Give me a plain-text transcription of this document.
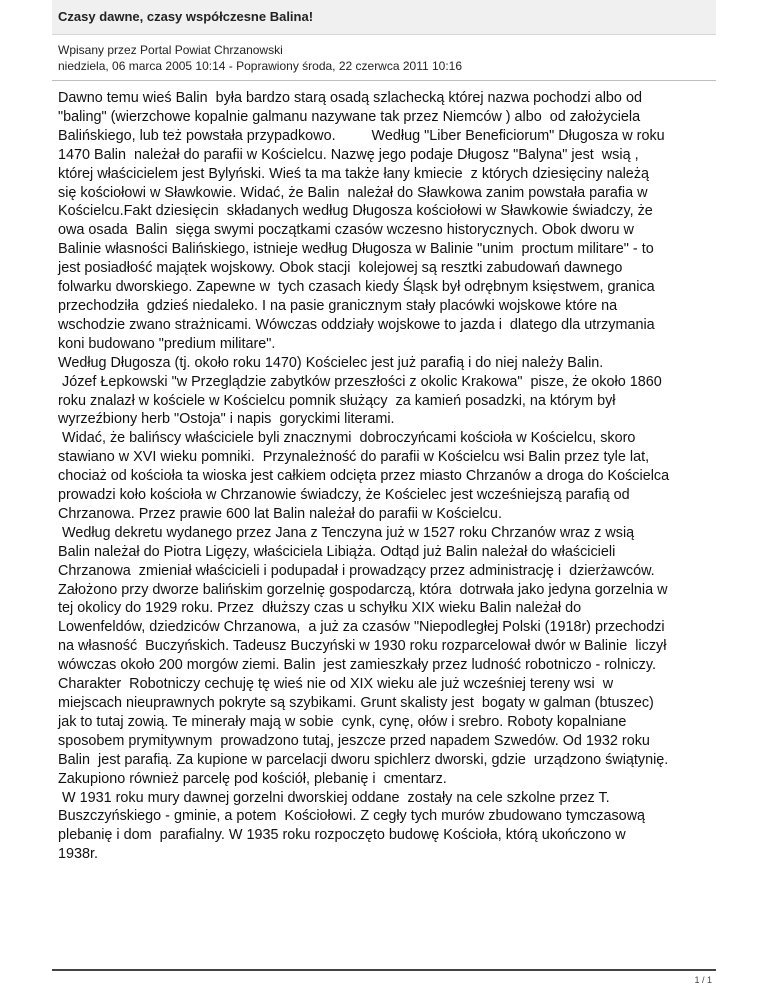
Czasy dawne, czasy współczesne Balina!
Wpisany przez Portal Powiat Chrzanowski
niedziela, 06 marca 2005 10:14 - Poprawiony środa, 22 czerwca 2011 10:16
Dawno temu wieś Balin  była bardzo starą osadą szlachecką której nazwa pochodzi albo od
"baling" (wierzchowe kopalnie galmanu nazywane tak przez Niemców ) albo  od założyciela
Balińskiego, lub też powstała przypadkowo.         Według "Liber Beneficiorum" Długosza w roku
1470 Balin  należał do parafii w Kościelcu. Nazwę jego podaje Długosz "Balyna" jest  wsią ,
której właścicielem jest Bylyński. Wieś ta ma także łany kmiecie  z których dziesięciny należą
się kościołowi w Sławkowie. Widać, że Balin  należał do Sławkowa zanim powstała parafia w
Kościelcu.Fakt dziesięcin  składanych według Długosza kościołowi w Sławkowie świadczy, że
owa osada  Balin  sięga swymi początkami czasów wczesno historycznych. Obok dworu w
Balinie własności Balińskiego, istnieje według Długosza w Balinie "unim  proctum militare" - to
jest posiadłość majątek wojskowy. Obok stacji  kolejowej są resztki zabudowań dawnego
folwarku dworskiego. Zapewne w  tych czasach kiedy Śląsk był odrębnym księstwem, granica
przechodziła  gdzieś niedaleko. I na pasie granicznym stały placówki wojskowe które na
wschodzie zwano strażnicami. Wówczas oddziały wojskowe to jazda i  dlatego dla utrzymania
koni budowano "predium militare".
Według Długosza (tj. około roku 1470) Kościelec jest już parafią i do niej należy Balin.
Józef Łepkowski "w Przeglądzie zabytków przeszłości z okolic Krakowa"  pisze, że około 1860
roku znalazł w kościele w Kościelcu pomnik służący  za kamień posadzki, na którym był
wyrzeźbiony herb "Ostoja" i napis  goryckimi literami.
Widać, że balińscy właściciele byli znacznymi  dobroczyńcami kościoła w Kościelcu, skoro
stawiano w XVI wieku pomniki.  Przynależność do parafii w Kościelcu wsi Balin przez tyle lat,
chociaż od kościoła ta wioska jest całkiem odcięta przez miasto Chrzanów a droga do Kościelca
prowadzi koło kościoła w Chrzanowie świadczy, że Kościelec jest wcześniejszą parafią od
Chrzanowa. Przez prawie 600 lat Balin należał do parafii w Kościelcu.
Według dekretu wydanego przez Jana z Tenczyna już w 1527 roku Chrzanów wraz z wsią
Balin należał do Piotra Ligęzy, właściciela Libiąża. Odtąd już Balin należał do właścicieli
Chrzanowa  zmieniał właścicieli i podupadał i prowadzący przez administrację i  dzierżawców.
Założono przy dworze balińskim gorzelnię gospodarczą, która  dotrwała jako jedyna gorzelnia w
tej okolicy do 1929 roku. Przez  dłuższy czas u schyłku XIX wieku Balin należał do
Lowenfeldów, dziedziców Chrzanowa,  a już za czasów "Niepodległej Polski (1918r) przechodzi
na własność  Buczyńskich. Tadeusz Buczyński w 1930 roku rozparcelował dwór w Balinie  liczył
wówczas około 200 morgów ziemi. Balin  jest zamieszkały przez ludność robotniczo - rolniczy.
Charakter  Robotniczy cechuję tę wieś nie od XIX wieku ale już wcześniej tereny wsi  w
miejscach nieuprawnych pokryte są szybikami. Grunt skalisty jest  bogaty w galman (btuszec)
jak to tutaj zowią. Te minerały mają w sobie  cynk, cynę, ołów i srebro. Roboty kopalniane
sposobem prymitywnym  prowadzono tutaj, jeszcze przed napadem Szwedów. Od 1932 roku
Balin  jest parafią. Za kupione w parcelacji dworu spichlerz dworski, gdzie  urządzono świątynię.
Zakupiono również parcelę pod kościół, plebanię i  cmentarz.
W 1931 roku mury dawnej gorzelni dworskiej oddane  zostały na cele szkolne przez T.
Buszczyńskiego - gminie, a potem  Kościołowi. Z cegły tych murów zbudowano tymczasową
plebanię i dom  parafialny. W 1935 roku rozpoczęto budowę Kościoła, którą ukończono w
1938r.
1 / 1
